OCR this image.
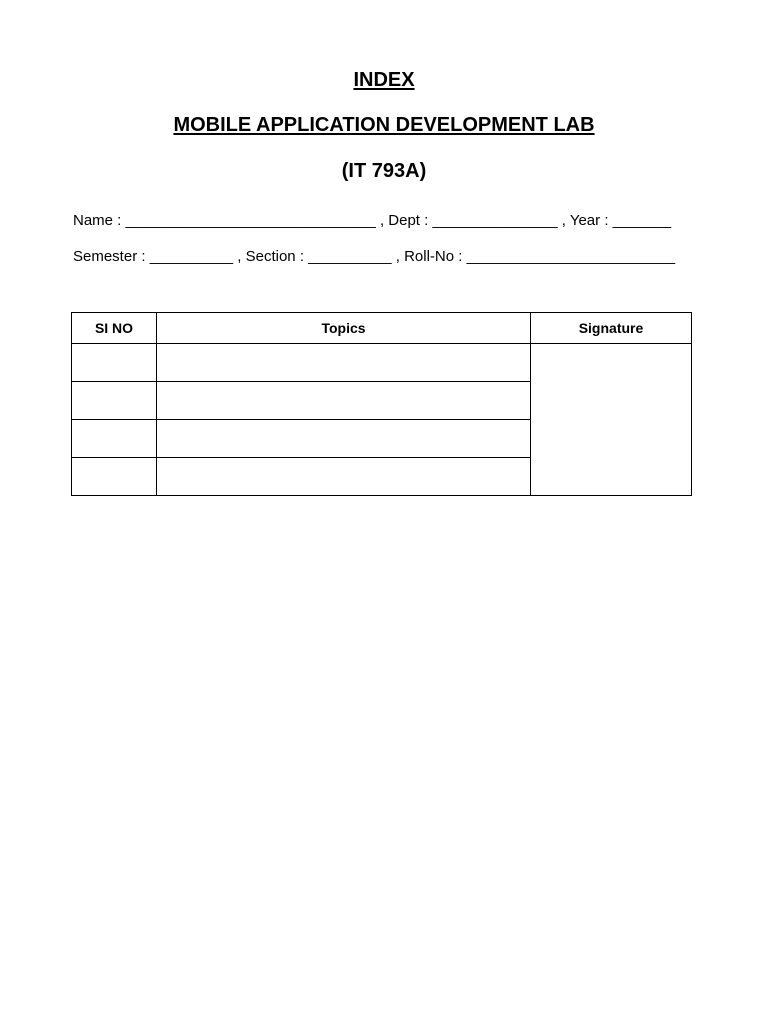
INDEX
MOBILE APPLICATION DEVELOPMENT LAB
(IT 793A)
Name : ______________________________ , Dept : _______________ , Year : _______
Semester : __________ , Section : __________ , Roll-No : _________________________
SI NO	Topics	Signature
